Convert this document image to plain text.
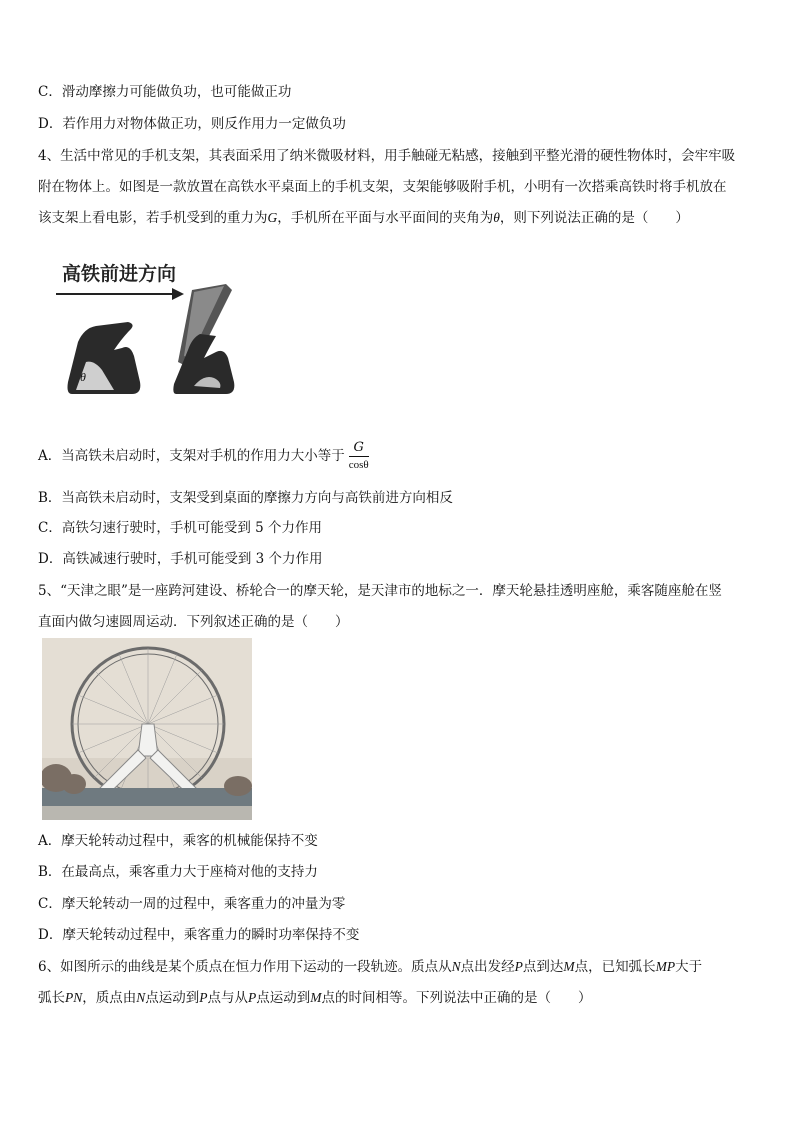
C．滑动摩擦力可能做负功，也可能做正功
D．若作用力对物体做正功，则反作用力一定做负功
4、生活中常见的手机支架，其表面采用了纳米微吸材料，用手触碰无粘感，接触到平整光滑的硬性物体时，会牢牢吸
附在物体上。如图是一款放置在高铁水平桌面上的手机支架，支架能够吸附手机，小明有一次搭乘高铁时将手机放在
该支架上看电影，若手机受到的重力为G，手机所在平面与水平面间的夹角为θ，则下列说法正确的是（　　）
高铁前进方向
θ
A．当高铁未启动时，支架对手机的作用力大小等于 $\frac{G}{\cos\theta}$
B．当高铁未启动时，支架受到桌面的摩擦力方向与高铁前进方向相反
C．高铁匀速行驶时，手机可能受到 5 个力作用
D．高铁减速行驶时，手机可能受到 3 个力作用
5、“天津之眼”是一座跨河建设、桥轮合一的摩天轮，是天津市的地标之一．摩天轮悬挂透明座舱，乘客随座舱在竖
直面内做匀速圆周运动．下列叙述正确的是（　　）
A．摩天轮转动过程中，乘客的机械能保持不变
B．在最高点，乘客重力大于座椅对他的支持力
C．摩天轮转动一周的过程中，乘客重力的冲量为零
D．摩天轮转动过程中，乘客重力的瞬时功率保持不变
6、如图所示的曲线是某个质点在恒力作用下运动的一段轨迹。质点从N点出发经P点到达M点，已知弧长MP大于
弧长PN，质点由N点运动到P点与从P点运动到M点的时间相等。下列说法中正确的是（　　）
